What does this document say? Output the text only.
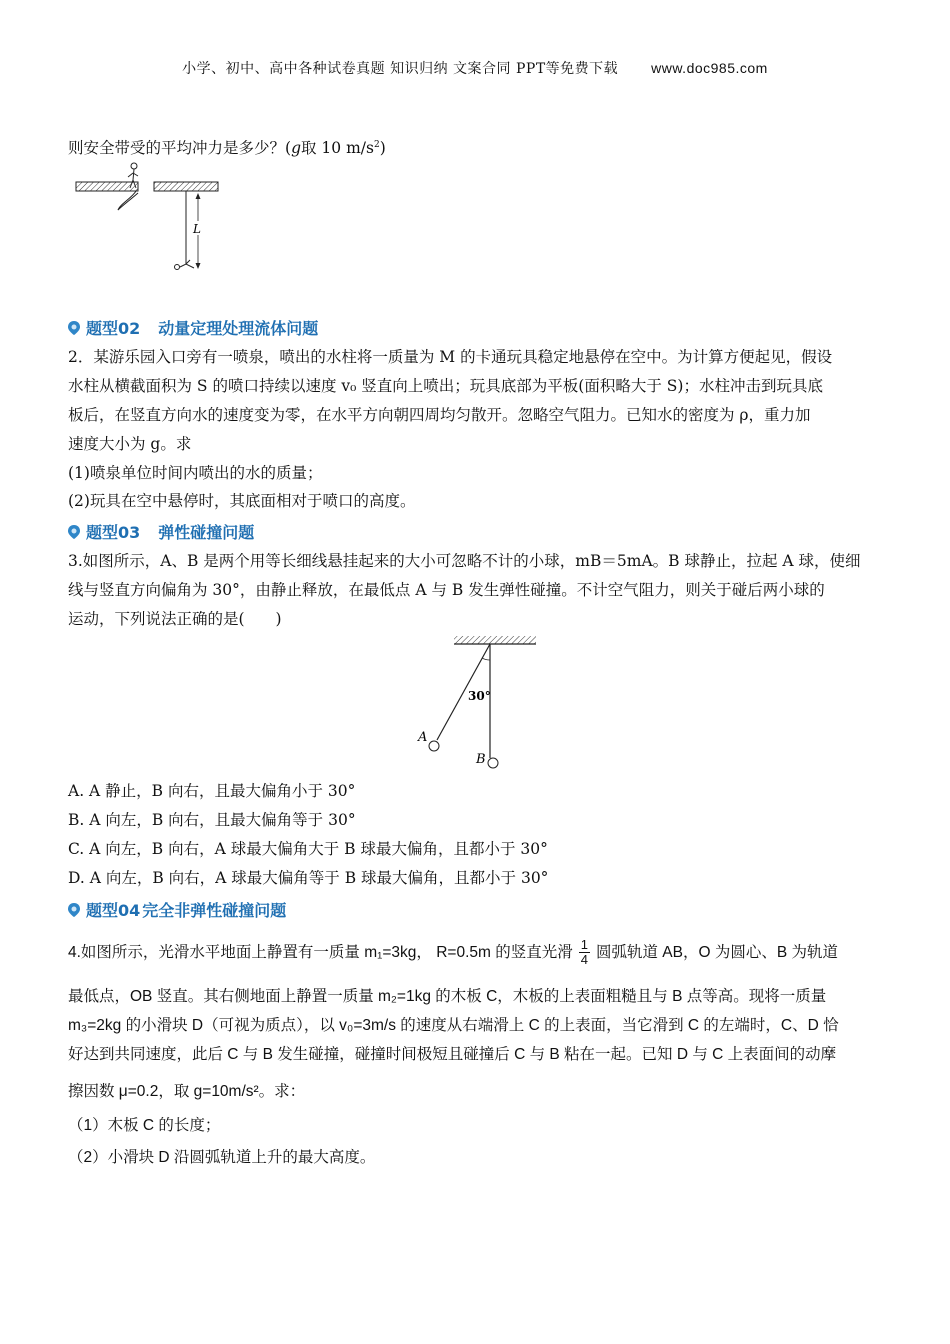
小学、初中、高中各种试卷真题 知识归纳 文案合同 PPT等免费下载 www.doc985.com
则安全带受的平均冲力是多少？(g取 10 $m/s^2$)
L
题型02 动量定理处理流体问题
2．某游乐园入口旁有一喷泉，喷出的水柱将一质量为 M 的卡通玩具稳定地悬停在空中。为计算方便起见，假设
水柱从横截面积为 S 的喷口持续以速度 v₀ 竖直向上喷出；玩具底部为平板(面积略大于 S)；水柱冲击到玩具底
板后，在竖直方向水的速度变为零，在水平方向朝四周均匀散开。忽略空气阻力。已知水的密度为 ρ，重力加
速度大小为 g。求
(1)喷泉单位时间内喷出的水的质量；
(2)玩具在空中悬停时，其底面相对于喷口的高度。
题型03 弹性碰撞问题
3.如图所示，A、B 是两个用等长细线悬挂起来的大小可忽略不计的小球，mB＝5mA。B 球静止，拉起 A 球，使细
线与竖直方向偏角为 30°，由静止释放，在最低点 A 与 B 发生弹性碰撞。不计空气阻力，则关于碰后两小球的
运动，下列说法正确的是(　　)
30°
A
B
A. A 静止，B 向右，且最大偏角小于 30°
B. A 向左，B 向右，且最大偏角等于 30°
C. A 向左，B 向右，A 球最大偏角大于 B 球最大偏角，且都小于 30°
D. A 向左，B 向右，A 球最大偏角等于 B 球最大偏角，且都小于 30°
题型04 完全非弹性碰撞问题
4.如图所示，光滑水平地面上静置有一质量 m₁=3kg， R=0.5m 的竖直光滑 $\frac{1}{4}$ 圆弧轨道 AB，O 为圆心、B 为轨道
最低点，OB 竖直。其右侧地面上静置一质量 m₂=1kg 的木板 C，木板的上表面粗糙且与 B 点等高。现将一质量
m₃=2kg 的小滑块 D（可视为质点），以 v₀=3m/s 的速度从右端滑上 C 的上表面，当它滑到 C 的左端时，C、D 恰
好达到共同速度，此后 C 与 B 发生碰撞，碰撞时间极短且碰撞后 C 与 B 粘在一起。已知 D 与 C 上表面间的动摩
擦因数 μ=0.2，取 g=10m/s²。求：
（1）木板 C 的长度；
（2）小滑块 D 沿圆弧轨道上升的最大高度。
